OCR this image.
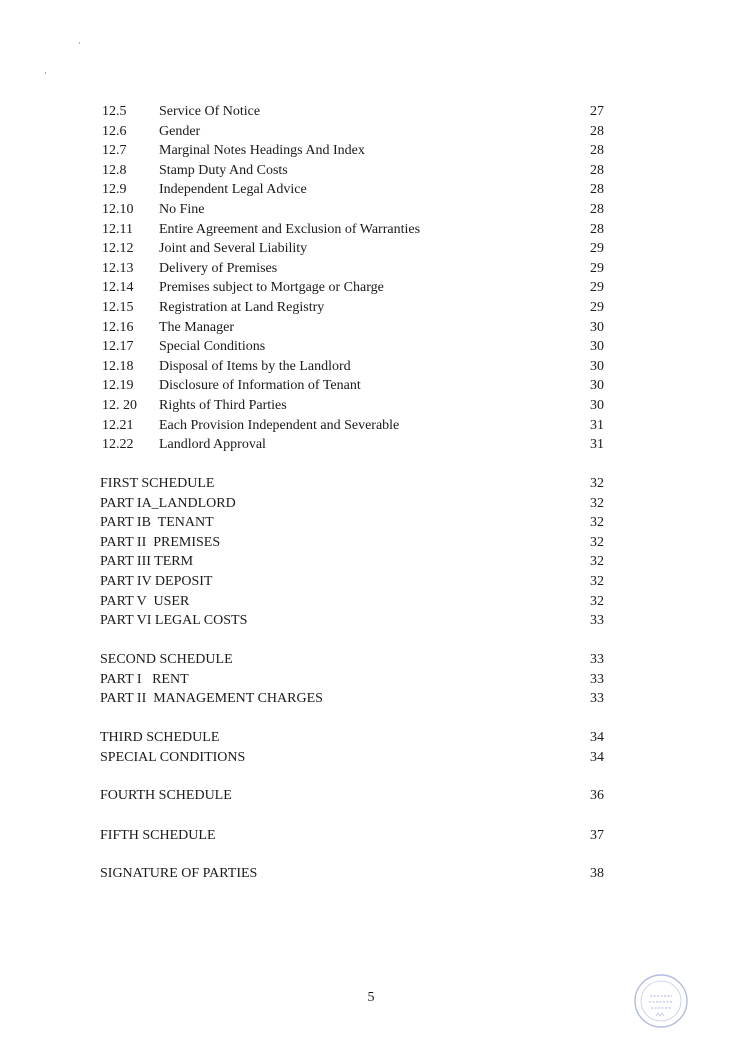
·
·
12.5 Service Of Notice	27
12.6 Gender	28
12.7 Marginal Notes Headings And Index	28
12.8 Stamp Duty And Costs	28
12.9 Independent Legal Advice	28
12.10 No Fine	28
12.11 Entire Agreement and Exclusion of Warranties	28
12.12 Joint and Several Liability	29
12.13 Delivery of Premises	29
12.14 Premises subject to Mortgage or Charge	29
12.15 Registration at Land Registry	29
12.16 The Manager	30
12.17 Special Conditions	30
12.18 Disposal of Items by the Landlord	30
12.19 Disclosure of Information of Tenant	30
12. 20 Rights of Third Parties	30
12.21 Each Provision Independent and Severable	31
12.22 Landlord Approval	31
FIRST SCHEDULE	32
PART IA_LANDLORD	32
PART IB  TENANT	32
PART II  PREMISES	32
PART III TERM	32
PART IV DEPOSIT	32
PART V  USER	32
PART VI LEGAL COSTS	33
SECOND SCHEDULE	33
PART I   RENT	33
PART II  MANAGEMENT CHARGES	33
THIRD SCHEDULE	34
SPECIAL CONDITIONS	34
FOURTH SCHEDULE	36
FIFTH SCHEDULE	37
SIGNATURE OF PARTIES	38
5
